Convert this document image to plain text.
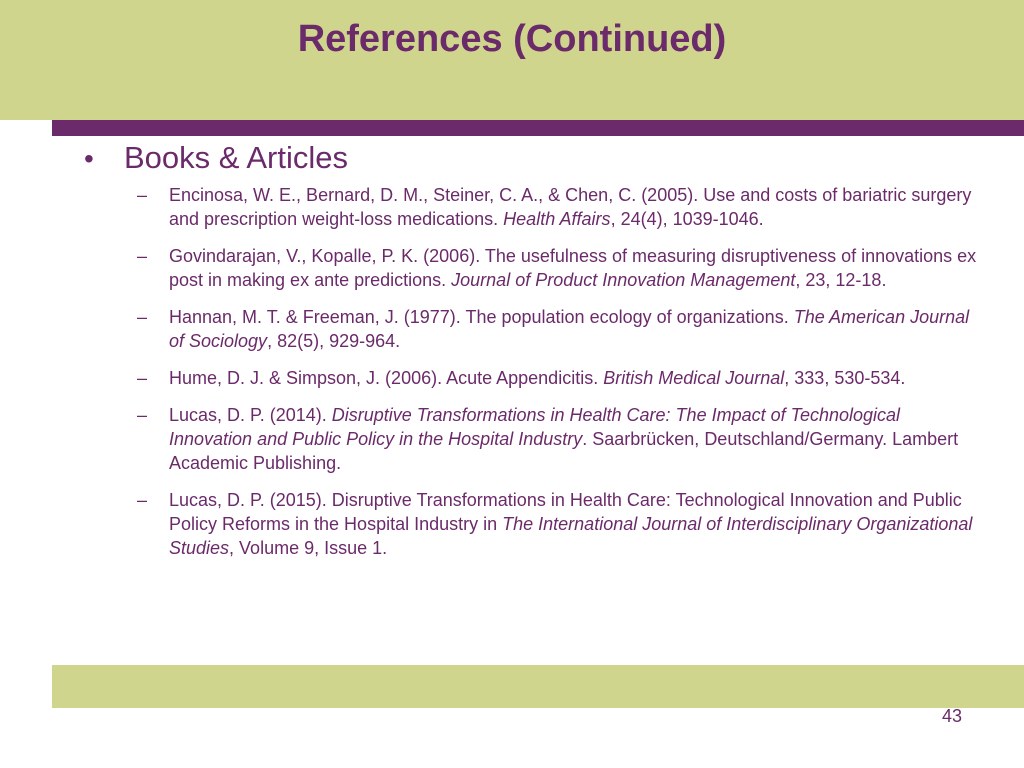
References (Continued)
• Books & Articles
– Encinosa, W. E., Bernard, D. M., Steiner, C. A., & Chen, C. (2005). Use and costs of bariatric surgery and prescription weight-loss medications. Health Affairs, 24(4), 1039-1046.
– Govindarajan, V., Kopalle, P. K. (2006). The usefulness of measuring disruptiveness of innovations ex post in making ex ante predictions. Journal of Product Innovation Management, 23, 12-18.
– Hannan, M. T. & Freeman, J. (1977). The population ecology of organizations. The American Journal of Sociology, 82(5), 929-964.
– Hume, D. J. & Simpson, J. (2006). Acute Appendicitis. British Medical Journal, 333, 530-534.
– Lucas, D. P. (2014). Disruptive Transformations in Health Care: The Impact of Technological Innovation and Public Policy in the Hospital Industry. Saarbrücken, Deutschland/Germany. Lambert Academic Publishing.
– Lucas, D. P. (2015). Disruptive Transformations in Health Care: Technological Innovation and Public Policy Reforms in the Hospital Industry in The International Journal of Interdisciplinary Organizational Studies, Volume 9, Issue 1.
43
